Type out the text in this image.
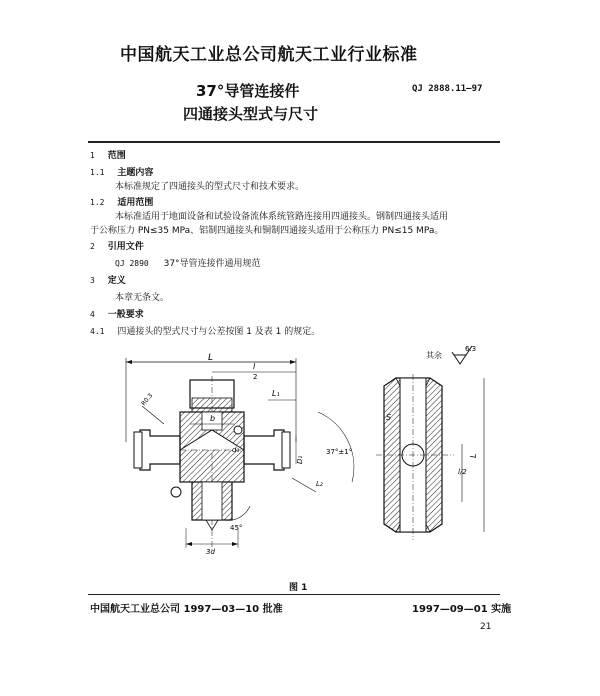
中国航天工业总公司航天工业行业标准
37°导管连接件
四通接头型式与尺寸
QJ 2888.11—97
1 范围
1.1 主题内容
本标准规定了四通接头的型式尺寸和技术要求。
1.2 适用范围
本标准适用于地面设备和试验设备流体系统管路连接用四通接头。钢制四通接头适用
于公称压力 PN≤35 MPa、铝制四通接头和铜制四通接头适用于公称压力 PN≤15 MPa。
2 引用文件
QJ 2890 37°导管连接件通用规范
3 定义
本章无条文。
4 一般要求
4.1 四通接头的型式尺寸与公差按图 1 及表 1 的规定。
其余
6.3
L
l
2
L₁
b
R0.3
d₁
D₁
37°±1°
45°
L₂
3d
S
L
l/2
图 1
中国航天工业总公司 1997—03—10 批准	1997—09—01 实施
21
